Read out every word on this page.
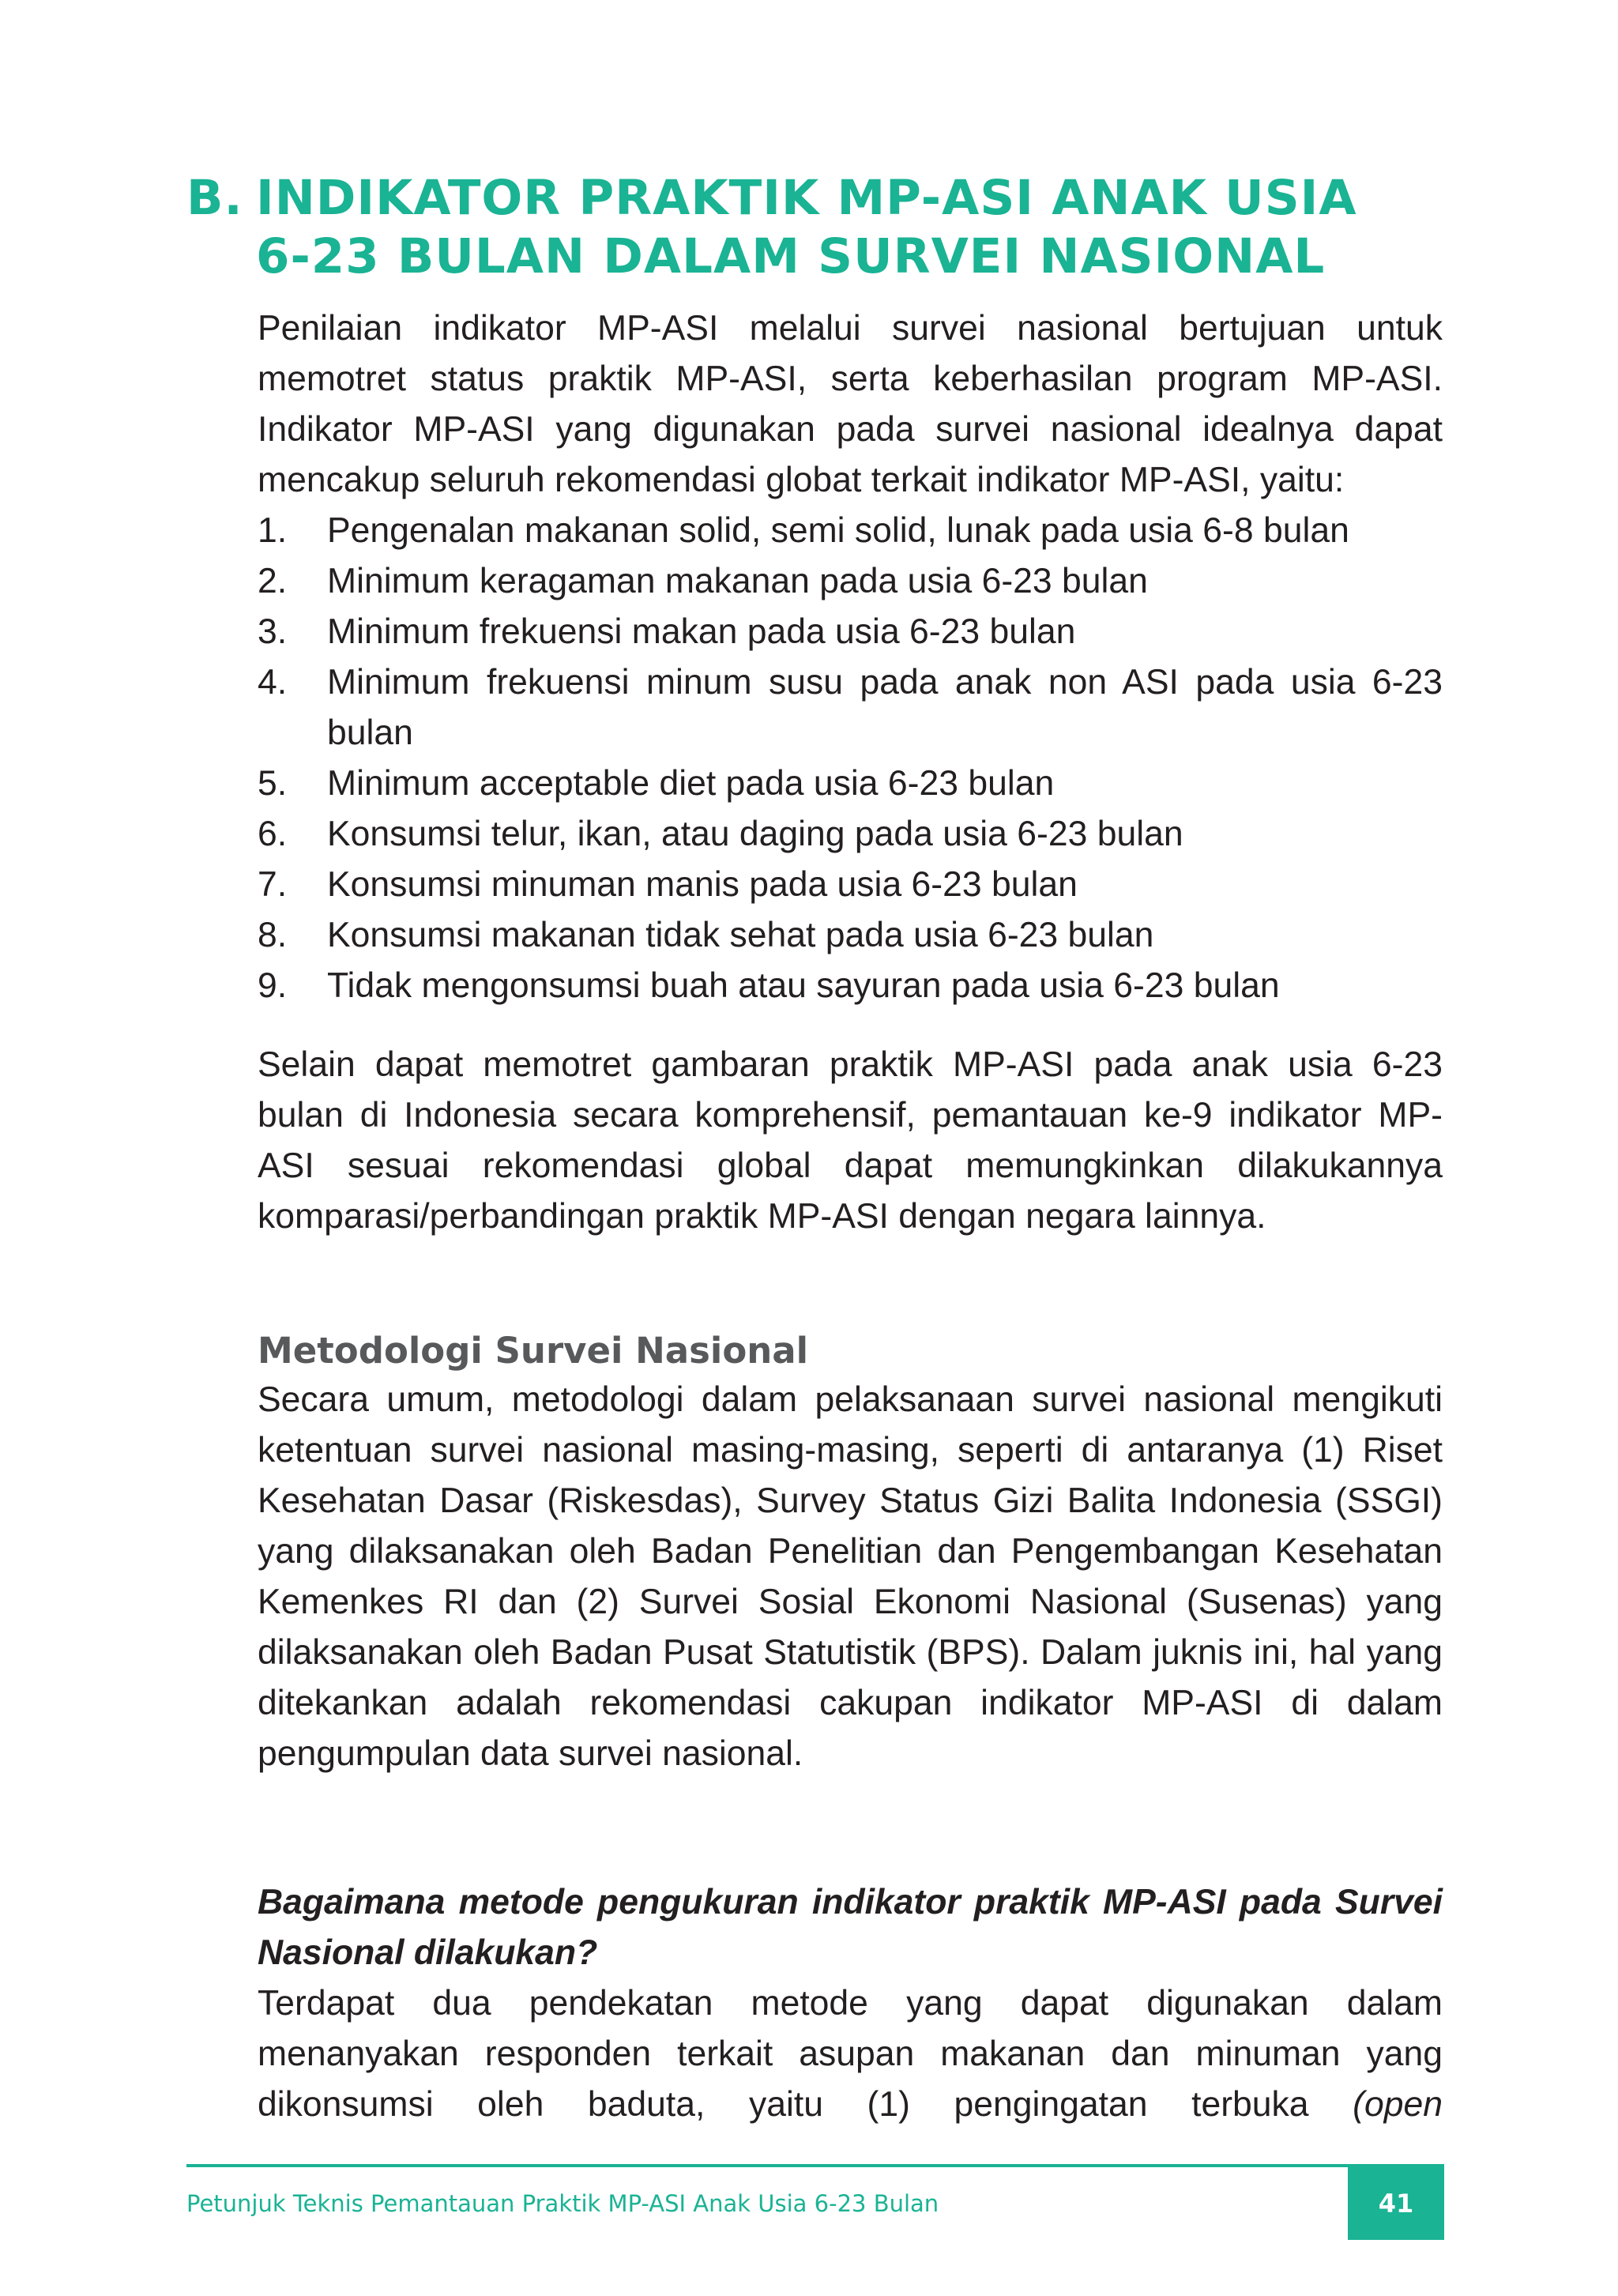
B. INDIKATOR PRAKTIK MP-ASI ANAK USIA
6-23 BULAN DALAM SURVEI NASIONAL

Penilaian indikator MP-ASI melalui survei nasional bertujuan untuk memotret status praktik MP-ASI, serta keberhasilan program MP-ASI. Indikator MP-ASI yang digunakan pada survei nasional idealnya dapat mencakup seluruh rekomendasi globat terkait indikator MP-ASI, yaitu:

1.	Pengenalan makanan solid, semi solid, lunak pada usia 6-8 bulan
2.	Minimum keragaman makanan pada usia 6-23 bulan
3.	Minimum frekuensi makan pada usia 6-23 bulan
4.	Minimum frekuensi minum susu pada anak non ASI pada usia 6-23 bulan
5.	Minimum acceptable diet pada usia 6-23 bulan
6.	Konsumsi telur, ikan, atau daging pada usia 6-23 bulan
7.	Konsumsi minuman manis pada usia 6-23 bulan
8.	Konsumsi makanan tidak sehat pada usia 6-23 bulan
9.	Tidak mengonsumsi buah atau sayuran pada usia 6-23 bulan

Selain dapat memotret gambaran praktik MP-ASI pada anak usia 6-23 bulan di Indonesia secara komprehensif, pemantauan ke-9 indikator MP-ASI sesuai rekomendasi global dapat memungkinkan dilakukannya komparasi/perbandingan praktik MP-ASI dengan negara lainnya.

Metodologi Survei Nasional

Secara umum, metodologi dalam pelaksanaan survei nasional mengikuti ketentuan survei nasional masing-masing, seperti di antaranya (1) Riset Kesehatan Dasar (Riskesdas), Survey Status Gizi Balita Indonesia (SSGI) yang dilaksanakan oleh Badan Penelitian dan Pengembangan Kesehatan Kemenkes RI dan (2) Survei Sosial Ekonomi Nasional (Susenas) yang dilaksanakan oleh Badan Pusat Statutistik (BPS). Dalam juknis ini, hal yang ditekankan adalah rekomendasi cakupan indikator MP-ASI di dalam pengumpulan data survei nasional.

Bagaimana metode pengukuran indikator praktik MP-ASI pada Survei Nasional dilakukan?

Terdapat dua pendekatan metode yang dapat digunakan dalam menanyakan responden terkait asupan makanan dan minuman yang dikonsumsi oleh baduta, yaitu (1) pengingatan terbuka (open

Petunjuk Teknis Pemantauan Praktik MP-ASI Anak Usia 6-23 Bulan	41
